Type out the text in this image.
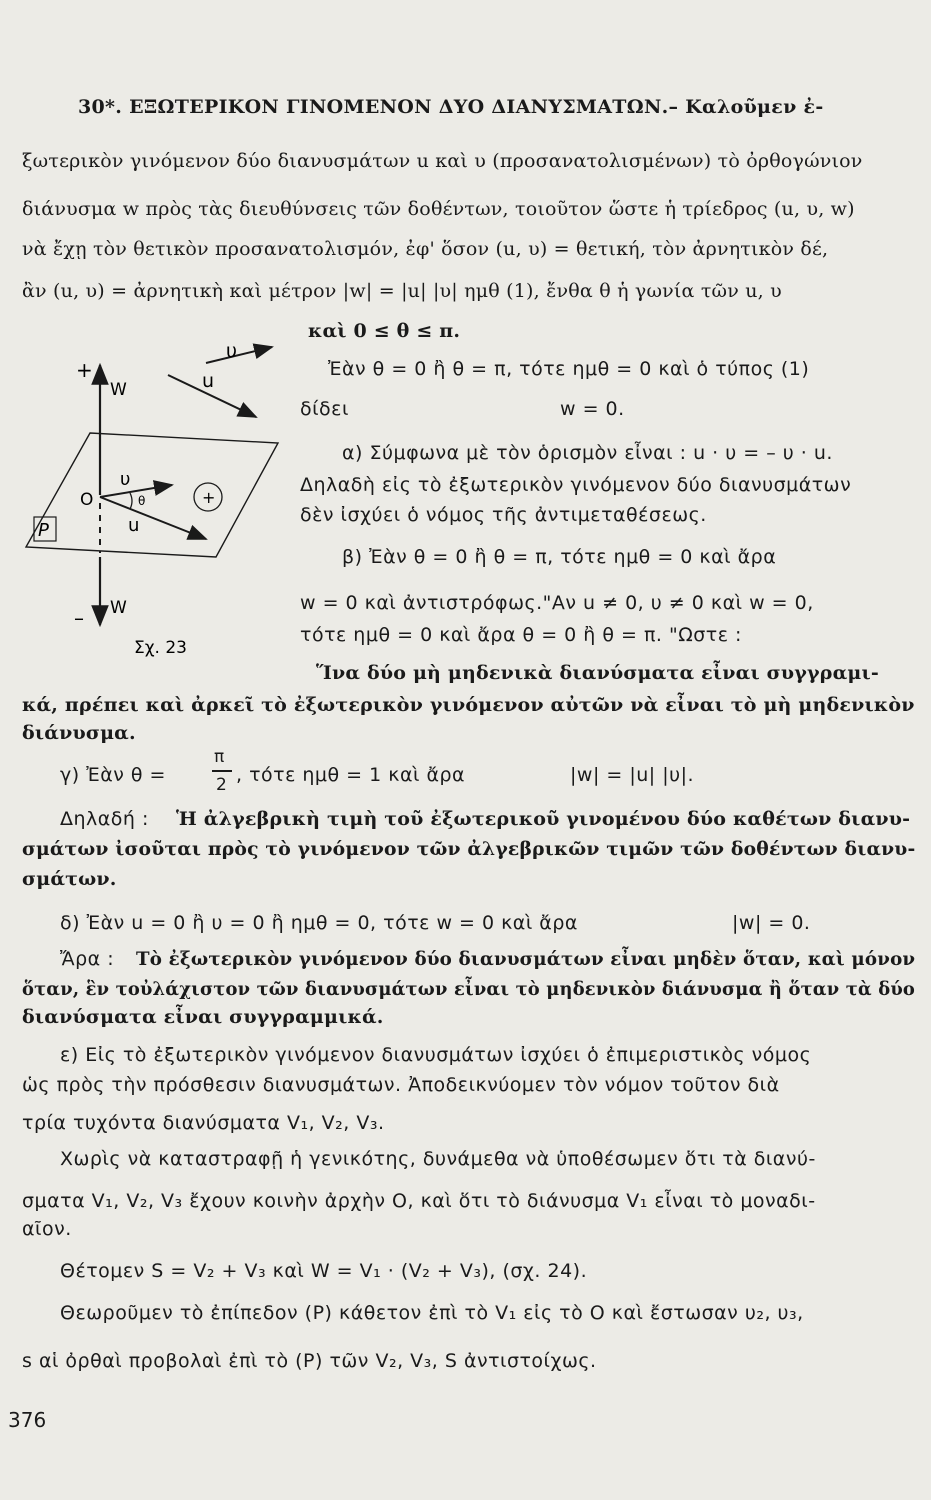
30*. ΕΞΩΤΕΡΙΚΟΝ ΓΙΝΟΜΕΝΟΝ ΔΥΟ ΔΙΑΝΥΣΜΑΤΩΝ.– Καλοῦμεν ἐ-
ξωτερικὸν γινόμενον δύο διανυσμάτων u καὶ υ (προσανατολισμένων) τὸ ὀρθογώνιον
διάνυσμα w πρὸς τὰς διευθύνσεις τῶν δοθέντων, τοιοῦτον ὥστε ἡ τρίεδρος (u, υ, w)
νὰ ἔχῃ τὸν θετικὸν προσανατολισμόν, ἐφ' ὅσον (u, υ) = θετική, τὸν ἀρνητικὸν δέ,
ἂν (u, υ) = ἀρνητικὴ καὶ μέτρον |w| = |u| |υ| ημθ (1), ἔνθα θ ἡ γωνία τῶν u, υ
καὶ 0 ≤ θ ≤ π.
υ
u
W
+
O
υ
θ
u
+
P
– W
Σχ. 23
Ἐὰν θ = 0 ἢ θ = π, τότε ημθ = 0 καὶ ὁ τύπος (1)
δίδει	w = 0.
α) Σύμφωνα μὲ τὸν ὁρισμὸν εἶναι : u · υ = – υ · u.
Δηλαδὴ εἰς τὸ ἐξωτερικὸν γινόμενον δύο διανυσμάτων
δὲν ἰσχύει ὁ νόμος τῆς ἀντιμεταθέσεως.
β) Ἐὰν θ = 0 ἢ θ = π, τότε ημθ = 0 καὶ ἄρα
w = 0 καὶ ἀντιστρόφως."Αν u ≠ 0, υ ≠ 0 καὶ w = 0,
τότε ημθ = 0 καὶ ἄρα θ = 0 ἢ θ = π. "Ωστε :
Ἵνα δύο μὴ μηδενικὰ διανύσματα εἶναι συγγραμι-
κά, πρέπει καὶ ἀρκεῖ τὸ ἐξωτερικὸν γινόμενον αὐτῶν νὰ εἶναι τὸ μὴ μηδενικὸν
διάνυσμα.
γ) Ἐὰν θ =
π
2 , τότε ημθ = 1 καὶ ἄρα	|w| = |u| |υ|.
Δηλαδή : Ἡ ἀλγεβρικὴ τιμὴ τοῦ ἐξωτερικοῦ γινομένου δύο καθέτων διανυ-
σμάτων ἰσοῦται πρὸς τὸ γινόμενον τῶν ἀλγεβρικῶν τιμῶν τῶν δοθέντων διανυ-
σμάτων.
δ) Ἐὰν u = 0 ἢ υ = 0 ἢ ημθ = 0, τότε w = 0 καὶ ἄρα	|w| = 0.
Ἄρα : Τὸ ἐξωτερικὸν γινόμενον δύο διανυσμάτων εἶναι μηδὲν ὅταν, καὶ μόνον
ὅταν, ἓν τοὐλάχιστον τῶν διανυσμάτων εἶναι τὸ μηδενικὸν διάνυσμα ἢ ὅταν τὰ δύο
διανύσματα εἶναι συγγραμμικά.
ε) Εἰς τὸ ἐξωτερικὸν γινόμενον διανυσμάτων ἰσχύει ὁ ἐπιμεριστικὸς νόμος
ὡς πρὸς τὴν πρόσθεσιν διανυσμάτων. Ἀποδεικνύομεν τὸν νόμον τοῦτον διὰ
τρία τυχόντα διανύσματα V₁, V₂, V₃.
Χωρὶς νὰ καταστραφῇ ἡ γενικότης, δυνάμεθα νὰ ὑποθέσωμεν ὅτι τὰ διανύ-
σματα V₁, V₂, V₃ ἔχουν κοινὴν ἀρχὴν Ο, καὶ ὅτι τὸ διάνυσμα V₁ εἶναι τὸ μοναδι-
αῖον.
Θέτομεν S = V₂ + V₃ καὶ W = V₁ · (V₂ + V₃), (σχ. 24).
Θεωροῦμεν τὸ ἐπίπεδον (P) κάθετον ἐπὶ τὸ V₁ εἰς τὸ Ο καὶ ἔστωσαν υ₂, υ₃,
s αἱ ὀρθαὶ προβολαὶ ἐπὶ τὸ (P) τῶν V₂, V₃, S ἀντιστοίχως.
376
